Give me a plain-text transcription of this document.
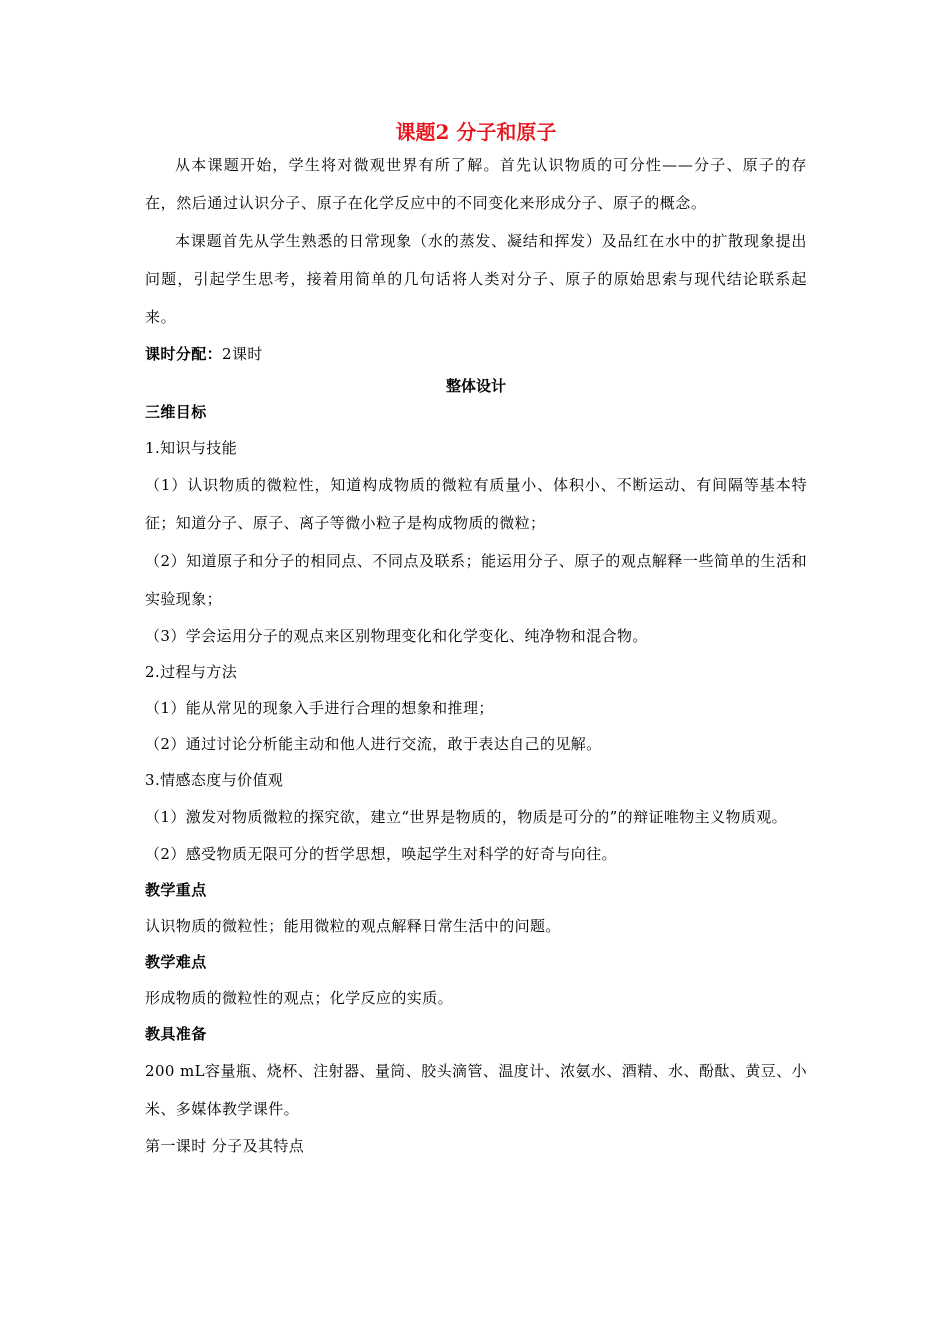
课题2 分子和原子

从本课题开始，学生将对微观世界有所了解。首先认识物质的可分性——分子、原子的存在，然后通过认识分子、原子在化学反应中的不同变化来形成分子、原子的概念。

本课题首先从学生熟悉的日常现象（水的蒸发、凝结和挥发）及品红在水中的扩散现象提出问题，引起学生思考，接着用简单的几句话将人类对分子、原子的原始思索与现代结论联系起来。

课时分配：2课时

整体设计

三维目标

1.知识与技能

（1）认识物质的微粒性，知道构成物质的微粒有质量小、体积小、不断运动、有间隔等基本特征；知道分子、原子、离子等微小粒子是构成物质的微粒；

（2）知道原子和分子的相同点、不同点及联系；能运用分子、原子的观点解释一些简单的生活和实验现象；

（3）学会运用分子的观点来区别物理变化和化学变化、纯净物和混合物。

2.过程与方法

（1）能从常见的现象入手进行合理的想象和推理；

（2）通过讨论分析能主动和他人进行交流，敢于表达自己的见解。

3.情感态度与价值观

（1）激发对物质微粒的探究欲，建立“世界是物质的，物质是可分的”的辩证唯物主义物质观。

（2）感受物质无限可分的哲学思想，唤起学生对科学的好奇与向往。

教学重点

认识物质的微粒性；能用微粒的观点解释日常生活中的问题。

教学难点

形成物质的微粒性的观点；化学反应的实质。

教具准备

200 mL容量瓶、烧杯、注射器、量筒、胶头滴管、温度计、浓氨水、酒精、水、酚酞、黄豆、小米、多媒体教学课件。

第一课时 分子及其特点
